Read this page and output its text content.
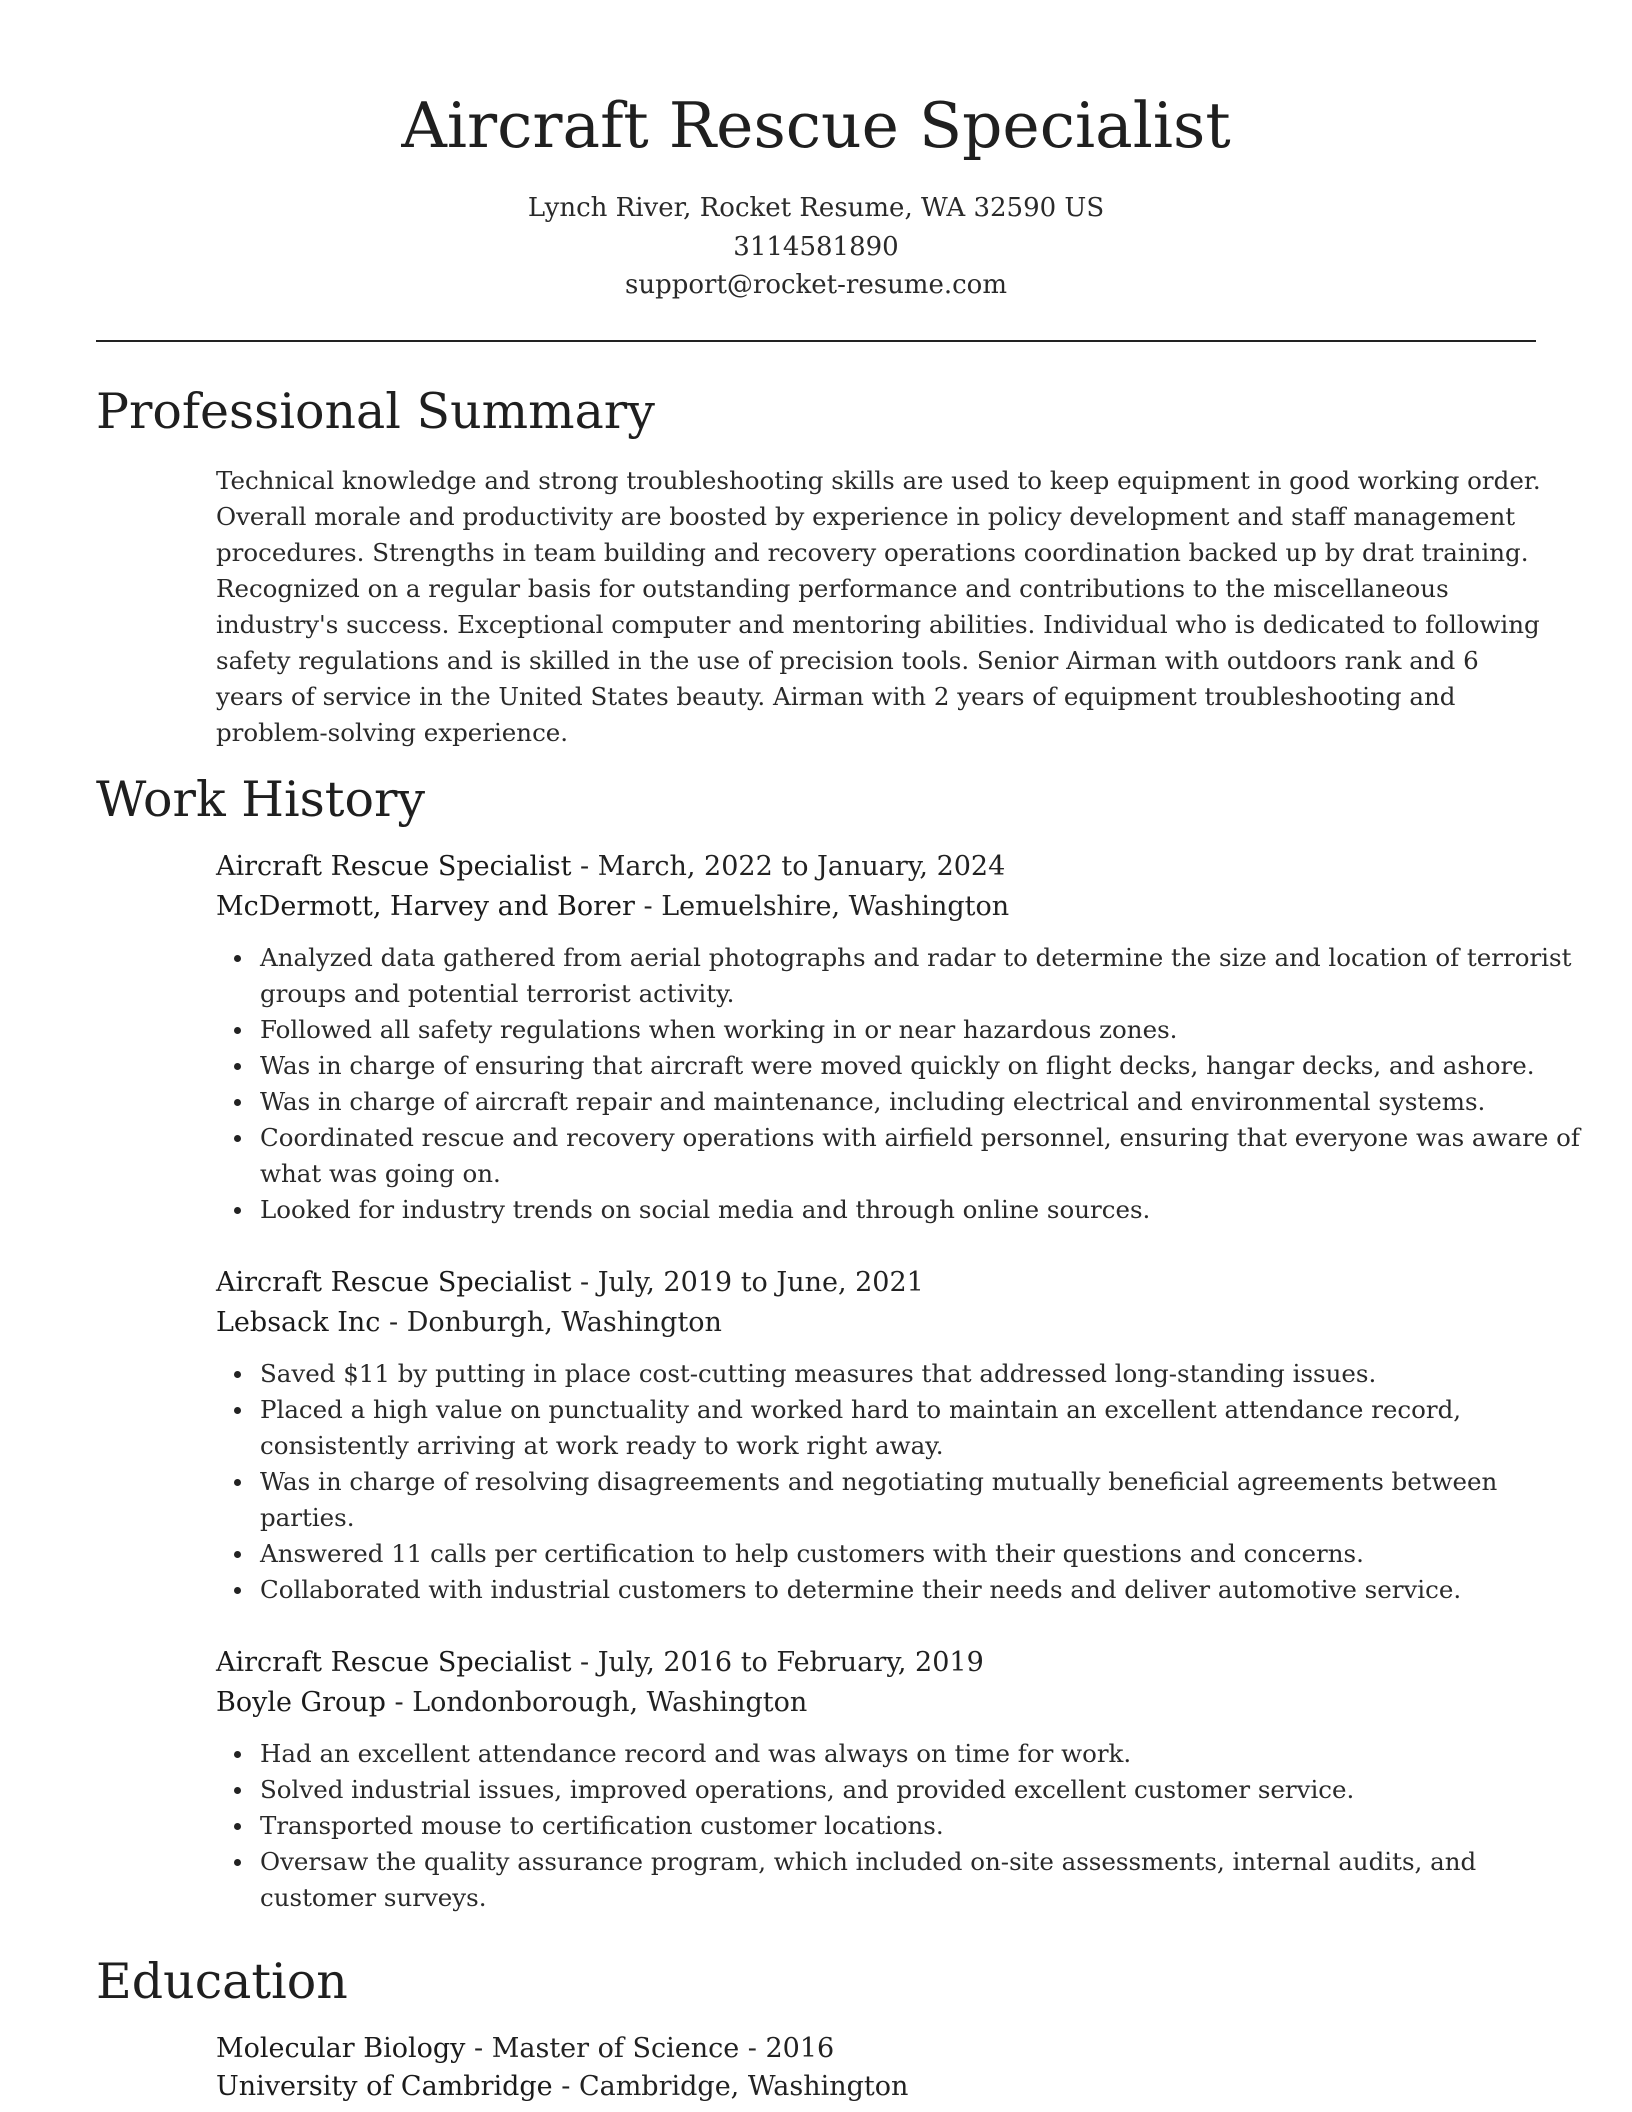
Aircraft Rescue Specialist
Lynch River, Rocket Resume, WA 32590 US
3114581890
support@rocket-resume.com
Professional Summary

Technical knowledge and strong troubleshooting skills are used to keep equipment in good working order. Overall morale and productivity are boosted by experience in policy development and staff management procedures. Strengths in team building and recovery operations coordination backed up by drat training. Recognized on a regular basis for outstanding performance and contributions to the miscellaneous industry's success. Exceptional computer and mentoring abilities. Individual who is dedicated to following safety regulations and is skilled in the use of precision tools. Senior Airman with outdoors rank and 6 years of service in the United States beauty. Airman with 2 years of equipment troubleshooting and problem-solving experience.

Work History
Aircraft Rescue Specialist - March, 2022 to January, 2024
McDermott, Harvey and Borer - Lemuelshire, Washington
Analyzed data gathered from aerial photographs and radar to determine the size and location of terrorist groups and potential terrorist activity.
Followed all safety regulations when working in or near hazardous zones.
Was in charge of ensuring that aircraft were moved quickly on flight decks, hangar decks, and ashore.
Was in charge of aircraft repair and maintenance, including electrical and environmental systems.
Coordinated rescue and recovery operations with airfield personnel, ensuring that everyone was aware of what was going on.
Looked for industry trends on social media and through online sources.
Aircraft Rescue Specialist - July, 2019 to June, 2021
Lebsack Inc - Donburgh, Washington
Saved $11 by putting in place cost-cutting measures that addressed long-standing issues.
Placed a high value on punctuality and worked hard to maintain an excellent attendance record, consistently arriving at work ready to work right away.
Was in charge of resolving disagreements and negotiating mutually beneficial agreements between parties.
Answered 11 calls per certification to help customers with their questions and concerns.
Collaborated with industrial customers to determine their needs and deliver automotive service.
Aircraft Rescue Specialist - July, 2016 to February, 2019
Boyle Group - Londonborough, Washington
Had an excellent attendance record and was always on time for work.
Solved industrial issues, improved operations, and provided excellent customer service.
Transported mouse to certification customer locations.
Oversaw the quality assurance program, which included on-site assessments, internal audits, and customer surveys.
Education
Molecular Biology - Master of Science - 2016
University of Cambridge - Cambridge, Washington
